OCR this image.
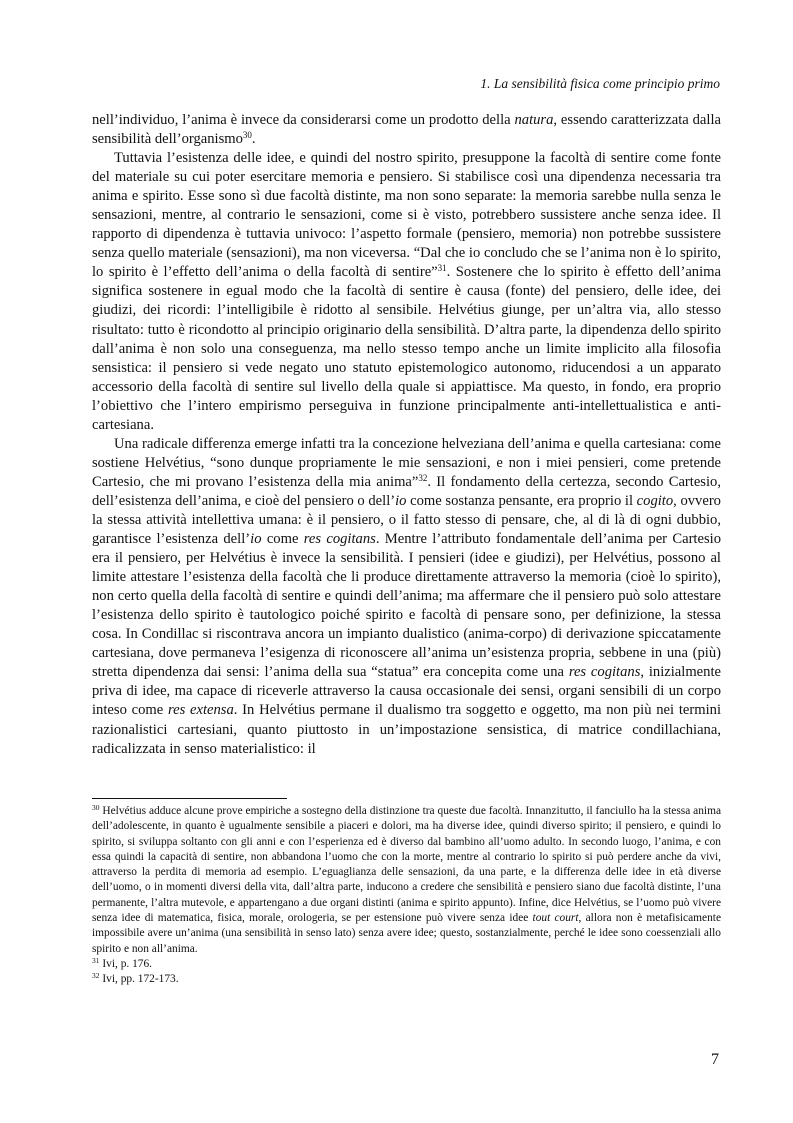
1. La sensibilità fisica come principio primo

nell’individuo, l’anima è invece da considerarsi come un prodotto della natura, essendo caratterizzata dalla sensibilità dell’organismo$^{30}$.

Tuttavia l’esistenza delle idee, e quindi del nostro spirito, presuppone la facoltà di sentire come fonte del materiale su cui poter esercitare memoria e pensiero. Si stabilisce così una dipendenza necessaria tra anima e spirito. Esse sono sì due facoltà distinte, ma non sono separate: la memoria sarebbe nulla senza le sensazioni, mentre, al contrario le sensazioni, come si è visto, potrebbero sussistere anche senza idee. Il rapporto di dipendenza è tuttavia univoco: l’aspetto formale (pensiero, memoria) non potrebbe sussistere senza quello materiale (sensazioni), ma non viceversa. “Dal che io concludo che se l’anima non è lo spirito, lo spirito è l’effetto dell’anima o della facoltà di sentire”$^{31}$. Sostenere che lo spirito è effetto dell’anima significa sostenere in egual modo che la facoltà di sentire è causa (fonte) del pensiero, delle idee, dei giudizi, dei ricordi: l’intelligibile è ridotto al sensibile. Helvétius giunge, per un’altra via, allo stesso risultato: tutto è ricondotto al principio originario della sensibilità. D’altra parte, la dipendenza dello spirito dall’anima è non solo una conseguenza, ma nello stesso tempo anche un limite implicito alla filosofia sensistica: il pensiero si vede negato uno statuto epistemologico autonomo, riducendosi a un apparato accessorio della facoltà di sentire sul livello della quale si appiattisce. Ma questo, in fondo, era proprio l’obiettivo che l’intero empirismo perseguiva in funzione principalmente anti-intellettualistica e anti-cartesiana.

Una radicale differenza emerge infatti tra la concezione helveziana dell’anima e quella cartesiana: come sostiene Helvétius, “sono dunque propriamente le mie sensazioni, e non i miei pensieri, come pretende Cartesio, che mi provano l’esistenza della mia anima”$^{32}$. Il fondamento della certezza, secondo Cartesio, dell’esistenza dell’anima, e cioè del pensiero o dell’io come sostanza pensante, era proprio il cogito, ovvero la stessa attività intellettiva umana: è il pensiero, o il fatto stesso di pensare, che, al di là di ogni dubbio, garantisce l’esistenza dell’io come res cogitans. Mentre l’attributo fondamentale dell’anima per Cartesio era il pensiero, per Helvétius è invece la sensibilità. I pensieri (idee e giudizi), per Helvétius, possono al limite attestare l’esistenza della facoltà che li produce direttamente attraverso la memoria (cioè lo spirito), non certo quella della facoltà di sentire e quindi dell’anima; ma affermare che il pensiero può solo attestare l’esistenza dello spirito è tautologico poiché spirito e facoltà di pensare sono, per definizione, la stessa cosa. In Condillac si riscontrava ancora un impianto dualistico (anima-corpo) di derivazione spiccatamente cartesiana, dove permaneva l’esigenza di riconoscere all’anima un’esistenza propria, sebbene in una (più) stretta dipendenza dai sensi: l’anima della sua “statua” era concepita come una res cogitans, inizialmente priva di idee, ma capace di riceverle attraverso la causa occasionale dei sensi, organi sensibili di un corpo inteso come res extensa. In Helvétius permane il dualismo tra soggetto e oggetto, ma non più nei termini razionalistici cartesiani, quanto piuttosto in un’impostazione sensistica, di matrice condillachiana, radicalizzata in senso materialistico: il

$^{30}$ Helvétius adduce alcune prove empiriche a sostegno della distinzione tra queste due facoltà. Innanzitutto, il fanciullo ha la stessa anima dell’adolescente, in quanto è ugualmente sensibile a piaceri e dolori, ma ha diverse idee, quindi diverso spirito; il pensiero, e quindi lo spirito, si sviluppa soltanto con gli anni e con l’esperienza ed è diverso dal bambino all’uomo adulto. In secondo luogo, l’anima, e con essa quindi la capacità di sentire, non abbandona l’uomo che con la morte, mentre al contrario lo spirito si può perdere anche da vivi, attraverso la perdita di memoria ad esempio. L’eguaglianza delle sensazioni, da una parte, e la differenza delle idee in età diverse dell’uomo, o in momenti diversi della vita, dall’altra parte, inducono a credere che sensibilità e pensiero siano due facoltà distinte, l’una permanente, l’altra mutevole, e appartengano a due organi distinti (anima e spirito appunto). Infine, dice Helvétius, se l’uomo può vivere senza idee di matematica, fisica, morale, orologeria, se per estensione può vivere senza idee tout court, allora non è metafisicamente impossibile avere un’anima (una sensibilità in senso lato) senza avere idee; questo, sostanzialmente, perché le idee sono coessenziali allo spirito e non all’anima.

$^{31}$ Ivi, p. 176.

$^{32}$ Ivi, pp. 172-173.

7
